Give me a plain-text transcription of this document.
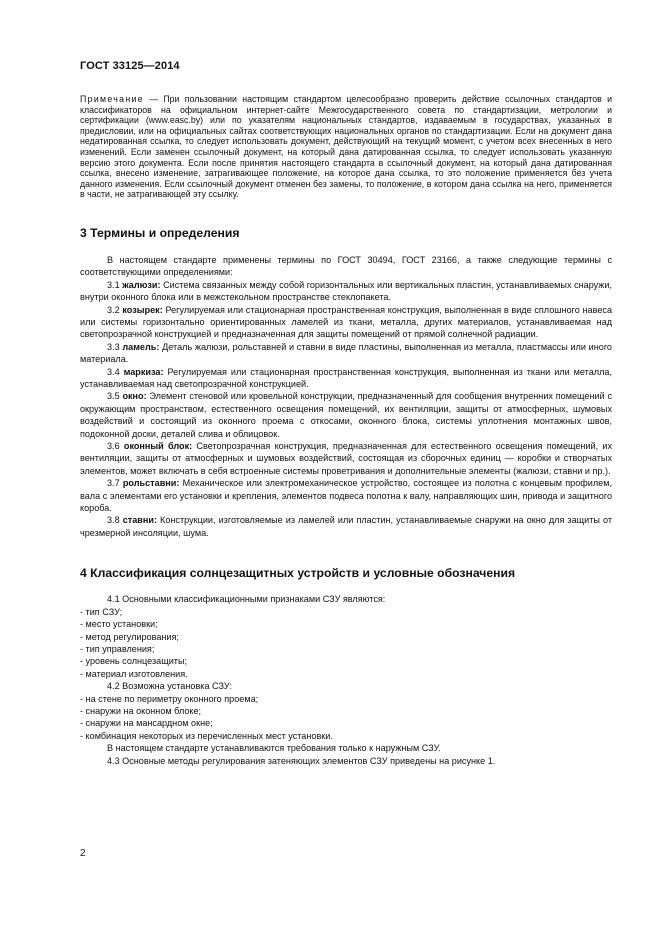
ГОСТ 33125—2014

Примечание — При пользовании настоящим стандартом целесообразно проверить действие ссылочных стандартов и классификаторов на официальном интернет-сайте Межгосударственного совета по стандартизации, метрологии и сертификации (www.easc.by) или по указателям национальных стандартов, издаваемым в государствах, указанных в предисловии, или на официальных сайтах соответствующих национальных органов по стандартизации. Если на документ дана недатированная ссылка, то следует использовать документ, действующий на текущий момент, с учетом всех внесенных в него изменений. Если заменен ссылочный документ, на который дана датированная ссылка, то следует использовать указанную версию этого документа. Если после принятия настоящего стандарта в ссылочный документ, на который дана датированная ссылка, внесено изменение, затрагивающее положение, на которое дана ссылка, то это положение применяется без учета данного изменения. Если ссылочный документ отменен без замены, то положение, в котором дана ссылка на него, применяется в части, не затрагивающей эту ссылку.

3 Термины и определения

В настоящем стандарте применены термины по ГОСТ 30494, ГОСТ 23166, а также следующие термины с соответствующими определениями:

3.1 жалюзи: Система связанных между собой горизонтальных или вертикальных пластин, устанавливаемых снаружи, внутри оконного блока или в межстекольном пространстве стеклопакета.

3.2 козырек: Регулируемая или стационарная пространственная конструкция, выполненная в виде сплошного навеса или системы горизонтально ориентированных ламелей из ткани, металла, других материалов, устанавливаемая над светопрозрачной конструкцией и предназначенная для защиты помещений от прямой солнечной радиации.

3.3 ламель: Деталь жалюзи, рольставней и ставни в виде пластины, выполненная из металла, пластмассы или иного материала.

3.4 маркиза: Регулируемая или стационарная пространственная конструкция, выполненная из ткани или металла, устанавливаемая над светопрозрачной конструкцией.

3.5 окно: Элемент стеновой или кровельной конструкции, предназначенный для сообщения внутренних помещений с окружающим пространством, естественного освещения помещений, их вентиляции, защиты от атмосферных, шумовых воздействий и состоящий из оконного проема с откосами, оконного блока, системы уплотнения монтажных швов, подоконной доски, деталей слива и облицовок.

3.6 оконный блок: Светопрозрачная конструкция, предназначенная для естественного освещения помещений, их вентиляции, защиты от атмосферных и шумовых воздействий, состоящая из сборочных единиц — коробки и створчатых элементов, может включать в себя встроенные системы проветривания и дополнительные элементы (жалюзи, ставни и пр.).

3.7 рольставни: Механическое или электромеханическое устройство, состоящее из полотна с концевым профилем, вала с элементами его установки и крепления, элементов подвеса полотна к валу, направляющих шин, привода и защитного короба.

3.8 ставни: Конструкции, изготовляемые из ламелей или пластин, устанавливаемые снаружи на окно для защиты от чрезмерной инсоляции, шума.

4 Классификация солнцезащитных устройств и условные обозначения
4.1 Основными классификационными признаками СЗУ являются:
- тип СЗУ;
- место установки;
- метод регулирования;
- тип управления;
- уровень солнцезащиты;
- материал изготовления.
4.2 Возможна установка СЗУ:
- на стене по периметру оконного проема;
- снаружи на оконном блоке;
- снаружи на мансардном окне;
- комбинация некоторых из перечисленных мест установки.
В настоящем стандарте устанавливаются требования только к наружным СЗУ.
4.3 Основные методы регулирования затеняющих элементов СЗУ приведены на рисунке 1.
2
